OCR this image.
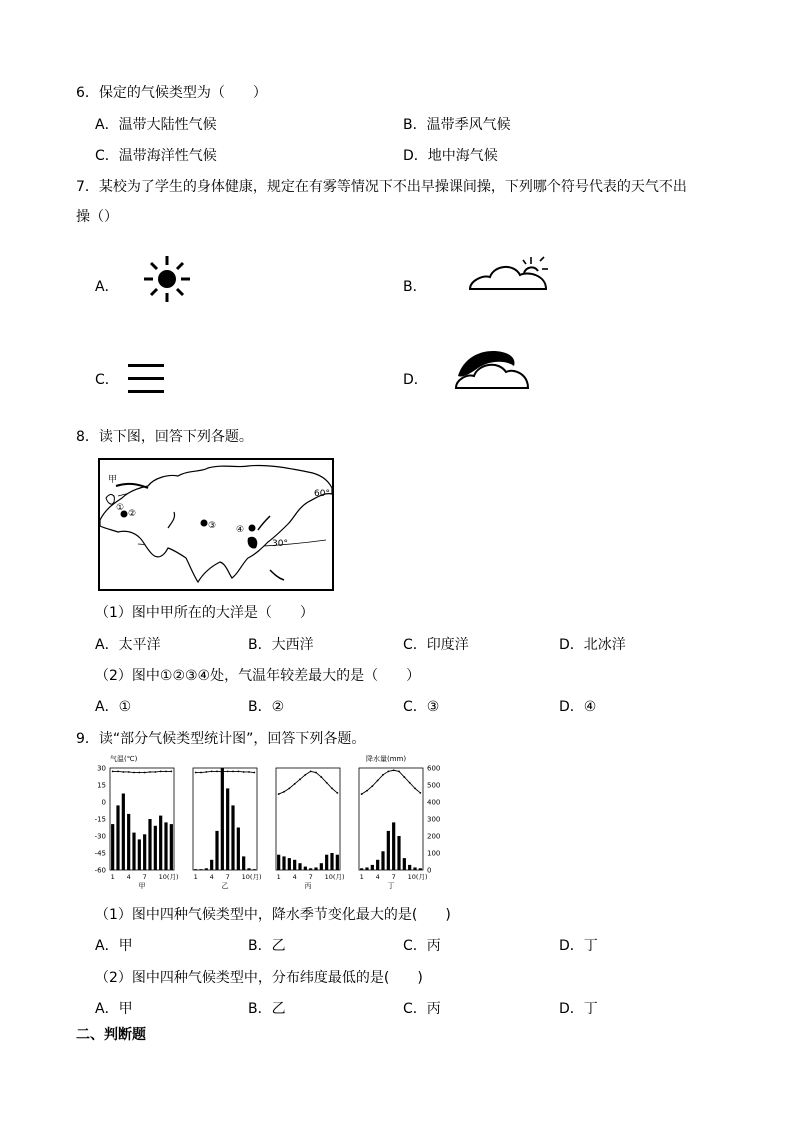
6．保定的气候类型为（　　）
A．温带大陆性气候	B．温带季风气候
C．温带海洋性气候	D．地中海气候
7．某校为了学生的身体健康，规定在有雾等情况下不出早操课间操，下列哪个符号代表的天气不出
操（）
A．	B．
C．	D．
8．读下图，回答下列各题。
甲
60°
30°
①
②
③ ④
（1）图中甲所在的大洋是（　　）
A．太平洋	B．大西洋	C．印度洋	D．北冰洋
（2）图中①②③④处，气温年较差最大的是（　　）
A．①	B．②	C．③	D．④
9．读“部分气候类型统计图”，回答下列各题。
气温(℃)	降水量(mm)
30
15
0
-15
-30
-45
-60
600
500
400
300
200
100
0
1 4 7 10(月)
甲
1 4 7 10(月)
乙
1 4 7 10(月)
丙
1 4 7 10(月)
丁
（1）图中四种气候类型中，降水季节变化最大的是(　　)
A．甲	B．乙	C．丙	D．丁
（2）图中四种气候类型中，分布纬度最低的是(　　)
A．甲	B．乙	C．丙	D．丁
二、判断题
